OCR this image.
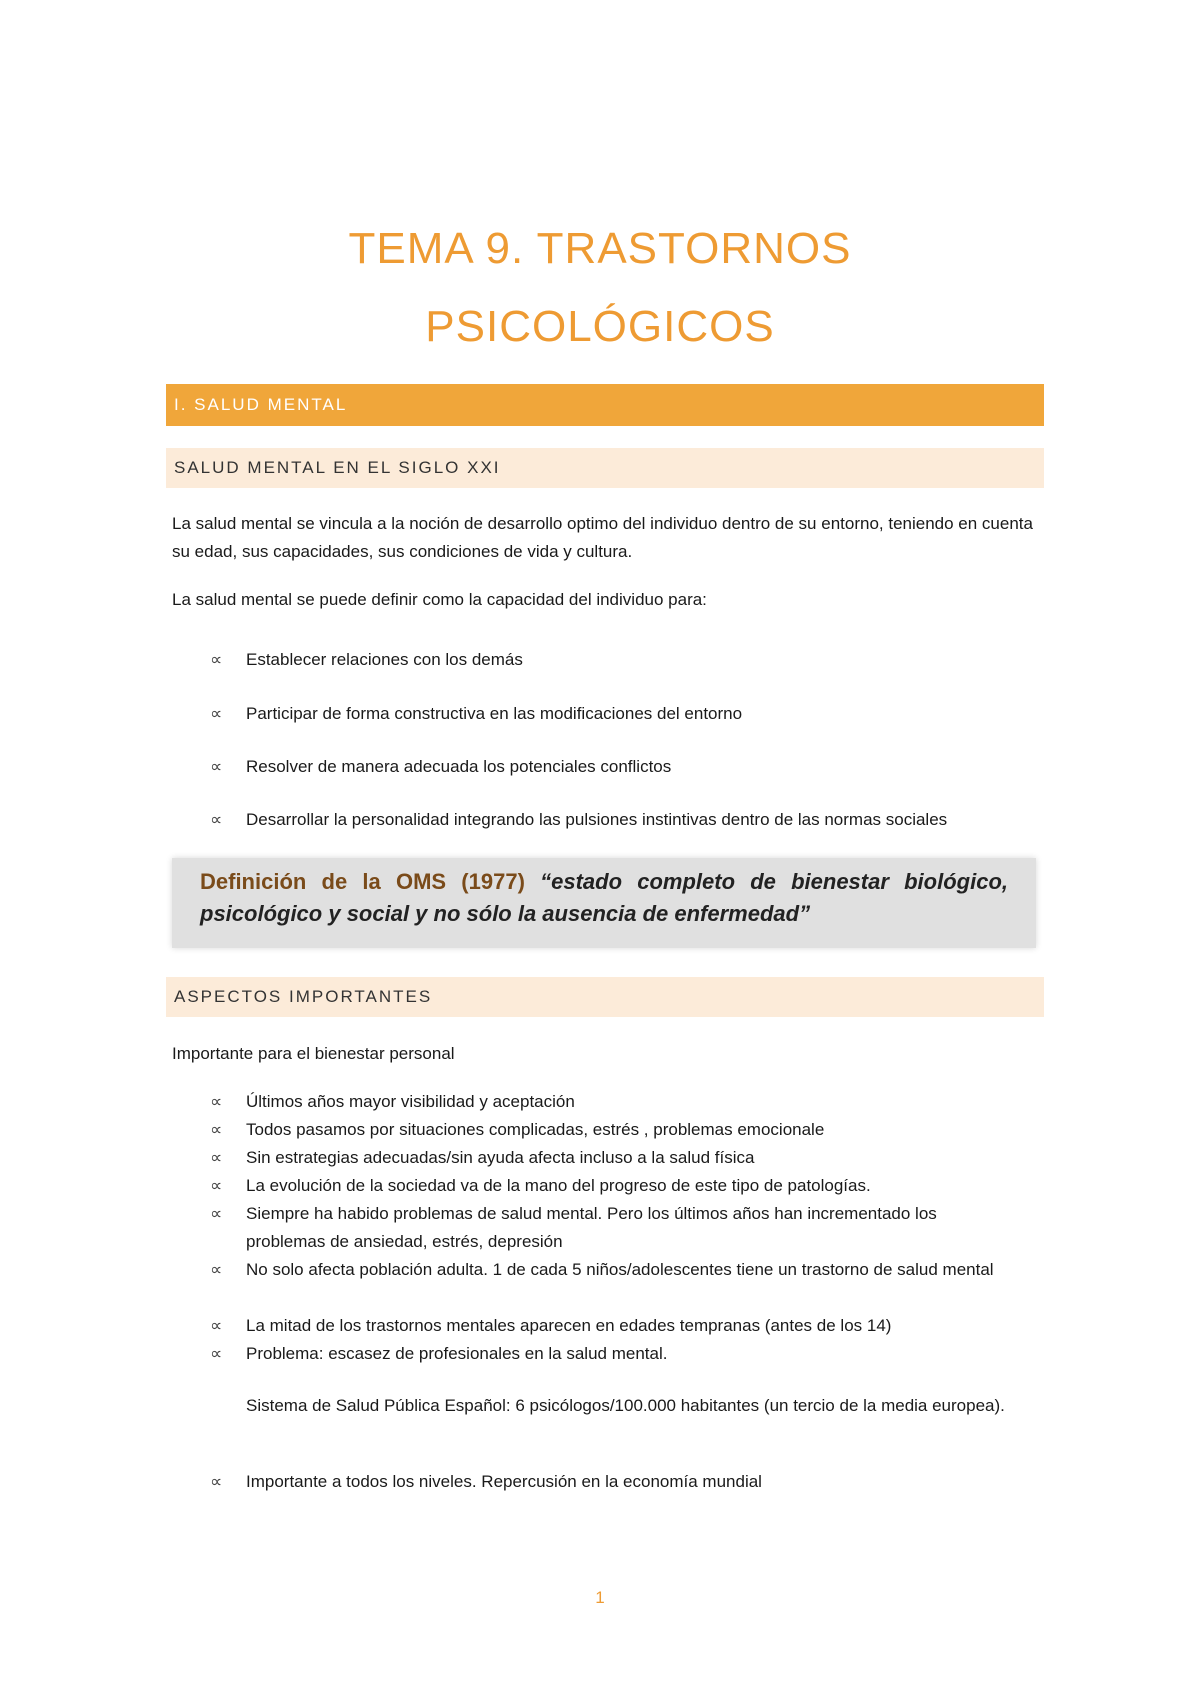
TEMA 9. TRASTORNOS
PSICOLÓGICOS
I. SALUD MENTAL
SALUD MENTAL EN EL SIGLO XXI

La salud mental se vincula a la noción de desarrollo optimo del individuo dentro de su entorno, teniendo en cuenta su edad, sus capacidades, sus condiciones de vida y cultura.

La salud mental se puede definir como la capacidad del individuo para:

∝ Establecer relaciones con los demás
∝ Participar de forma constructiva en las modificaciones del entorno
∝ Resolver de manera adecuada los potenciales conflictos
∝ Desarrollar la personalidad integrando las pulsiones instintivas dentro de las normas sociales
Definición de la OMS (1977) “estado completo de bienestar biológico, psicológico y social y no sólo la ausencia de enfermedad”
ASPECTOS IMPORTANTES

Importante para el bienestar personal

∝ Últimos años mayor visibilidad y aceptación
∝ Todos pasamos por situaciones complicadas, estrés , problemas emocionale
∝ Sin estrategias adecuadas/sin ayuda afecta incluso a la salud física
∝ La evolución de la sociedad va de la mano del progreso de este tipo de patologías.
∝ Siempre ha habido problemas de salud mental. Pero los últimos años han incrementado los problemas de ansiedad, estrés, depresión
∝ No solo afecta población adulta. 1 de cada 5 niños/adolescentes tiene un trastorno de salud mental
∝ La mitad de los trastornos mentales aparecen en edades tempranas (antes de los 14)
∝ Problema: escasez de profesionales en la salud mental.

Sistema de Salud Pública Español: 6 psicólogos/100.000 habitantes (un tercio de la media europea).

∝ Importante a todos los niveles. Repercusión en la economía mundial
1
